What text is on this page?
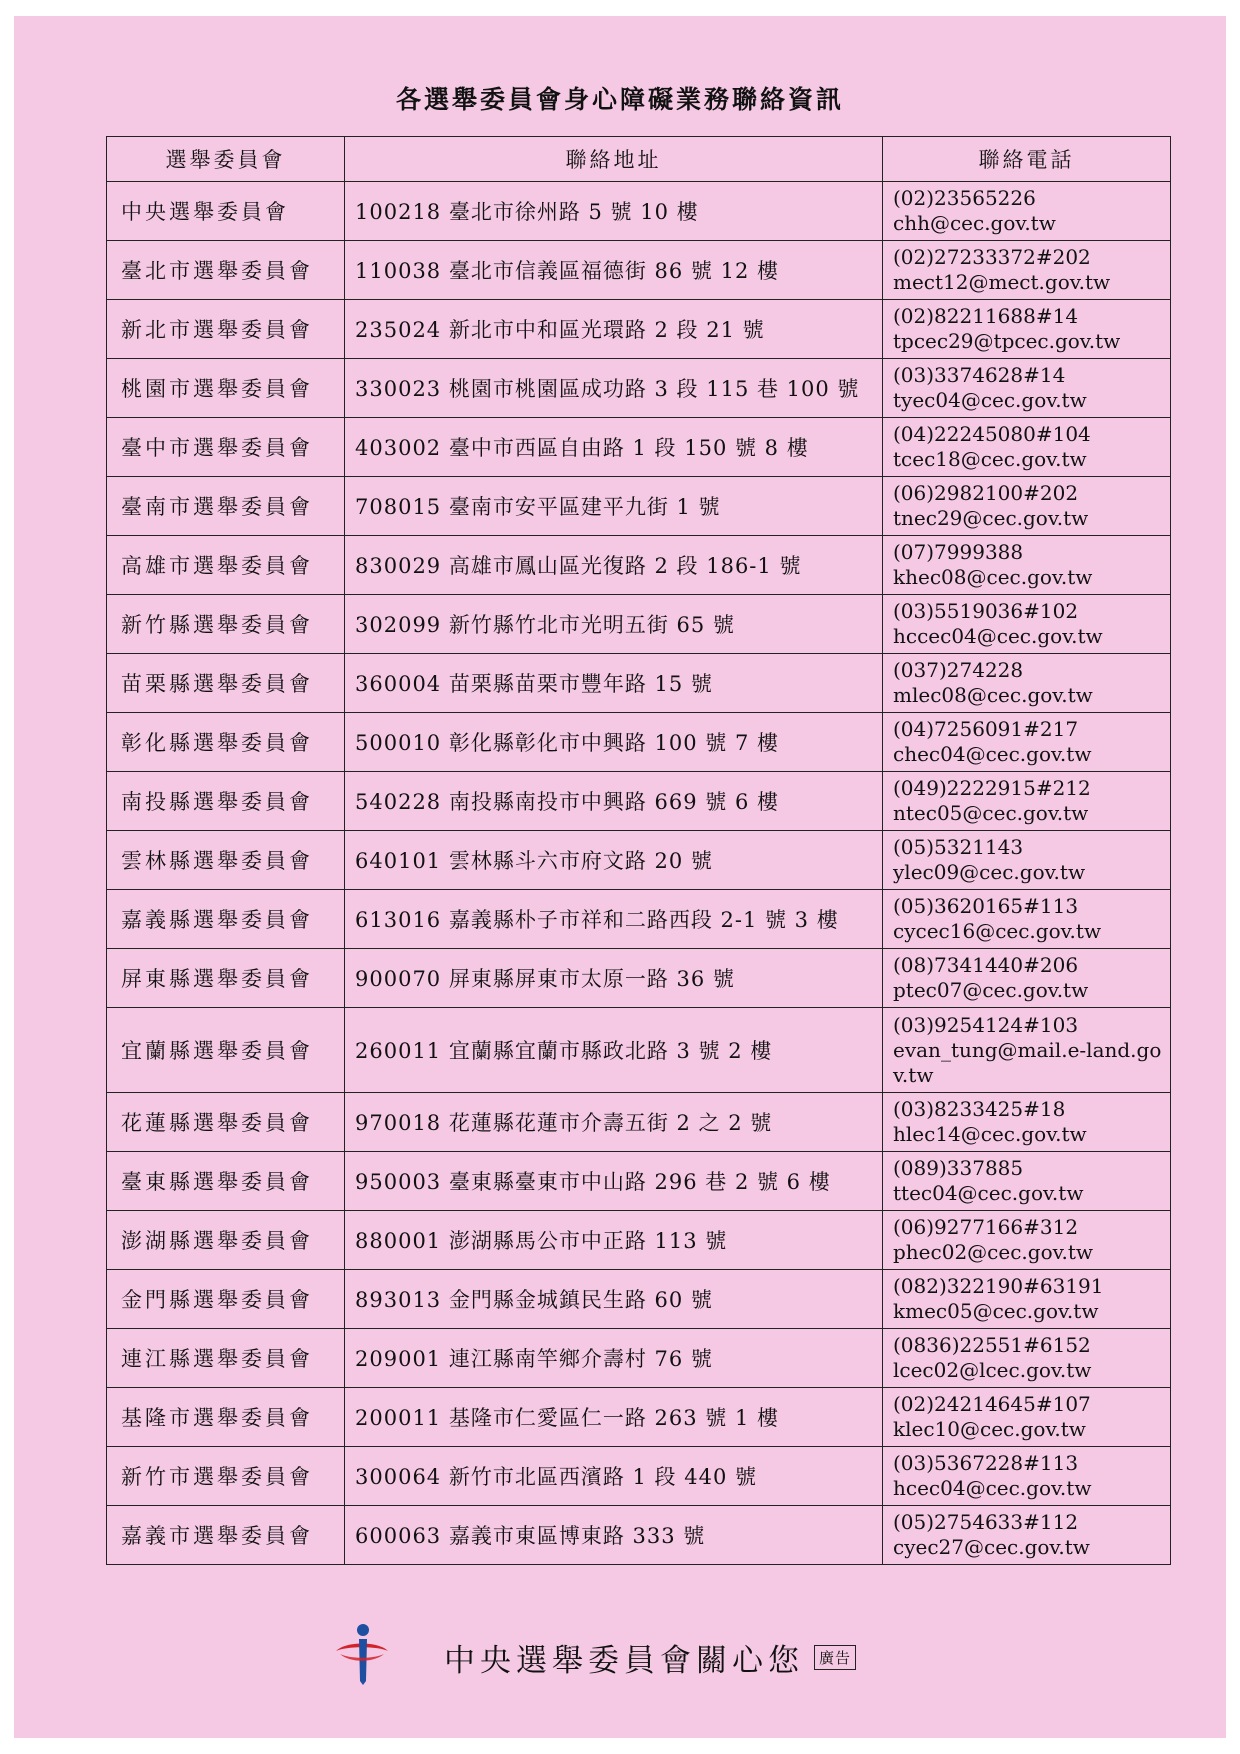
各選舉委員會身心障礙業務聯絡資訊
選舉委員會	聯絡地址	聯絡電話
中央選舉委員會	100218 臺北市徐州路 5 號 10 樓	(02)23565226
chh@cec.gov.tw

臺北市選舉委員會	110038 臺北市信義區福德街 86 號 12 樓	(02)27233372#202
mect12@mect.gov.tw

新北市選舉委員會	235024 新北市中和區光環路 2 段 21 號	(02)82211688#14
tpcec29@tpcec.gov.tw

桃園市選舉委員會	330023 桃園市桃園區成功路 3 段 115 巷 100 號	(03)3374628#14
tyec04@cec.gov.tw

臺中市選舉委員會	403002 臺中市西區自由路 1 段 150 號 8 樓	(04)22245080#104
tcec18@cec.gov.tw

臺南市選舉委員會	708015 臺南市安平區建平九街 1 號	(06)2982100#202
tnec29@cec.gov.tw

高雄市選舉委員會	830029 高雄市鳳山區光復路 2 段 186-1 號	(07)7999388
khec08@cec.gov.tw

新竹縣選舉委員會	302099 新竹縣竹北市光明五街 65 號	(03)5519036#102
hccec04@cec.gov.tw

苗栗縣選舉委員會	360004 苗栗縣苗栗市豐年路 15 號	(037)274228
mlec08@cec.gov.tw

彰化縣選舉委員會	500010 彰化縣彰化市中興路 100 號 7 樓	(04)7256091#217
chec04@cec.gov.tw

南投縣選舉委員會	540228 南投縣南投市中興路 669 號 6 樓	(049)2222915#212
ntec05@cec.gov.tw

雲林縣選舉委員會	640101 雲林縣斗六市府文路 20 號	(05)5321143
ylec09@cec.gov.tw

嘉義縣選舉委員會	613016 嘉義縣朴子市祥和二路西段 2-1 號 3 樓	(05)3620165#113
cycec16@cec.gov.tw

屏東縣選舉委員會	900070 屏東縣屏東市太原一路 36 號	(08)7341440#206
ptec07@cec.gov.tw

宜蘭縣選舉委員會	260011 宜蘭縣宜蘭市縣政北路 3 號 2 樓	(03)9254124#103
evan_tung@mail.e-land.gov.tw

花蓮縣選舉委員會	970018 花蓮縣花蓮市介壽五街 2 之 2 號	(03)8233425#18
hlec14@cec.gov.tw

臺東縣選舉委員會	950003 臺東縣臺東市中山路 296 巷 2 號 6 樓	(089)337885
ttec04@cec.gov.tw

澎湖縣選舉委員會	880001 澎湖縣馬公市中正路 113 號	(06)9277166#312
phec02@cec.gov.tw

金門縣選舉委員會	893013 金門縣金城鎮民生路 60 號	(082)322190#63191
kmec05@cec.gov.tw

連江縣選舉委員會	209001 連江縣南竿鄉介壽村 76 號	(0836)22551#6152
lcec02@lcec.gov.tw

基隆市選舉委員會	200011 基隆市仁愛區仁一路 263 號 1 樓	(02)24214645#107
klec10@cec.gov.tw

新竹市選舉委員會	300064 新竹市北區西濱路 1 段 440 號	(03)5367228#113
hcec04@cec.gov.tw

嘉義市選舉委員會	600063 嘉義市東區博東路 333 號	(05)2754633#112
cyec27@cec.gov.tw
中央選舉委員會關心您	廣告
